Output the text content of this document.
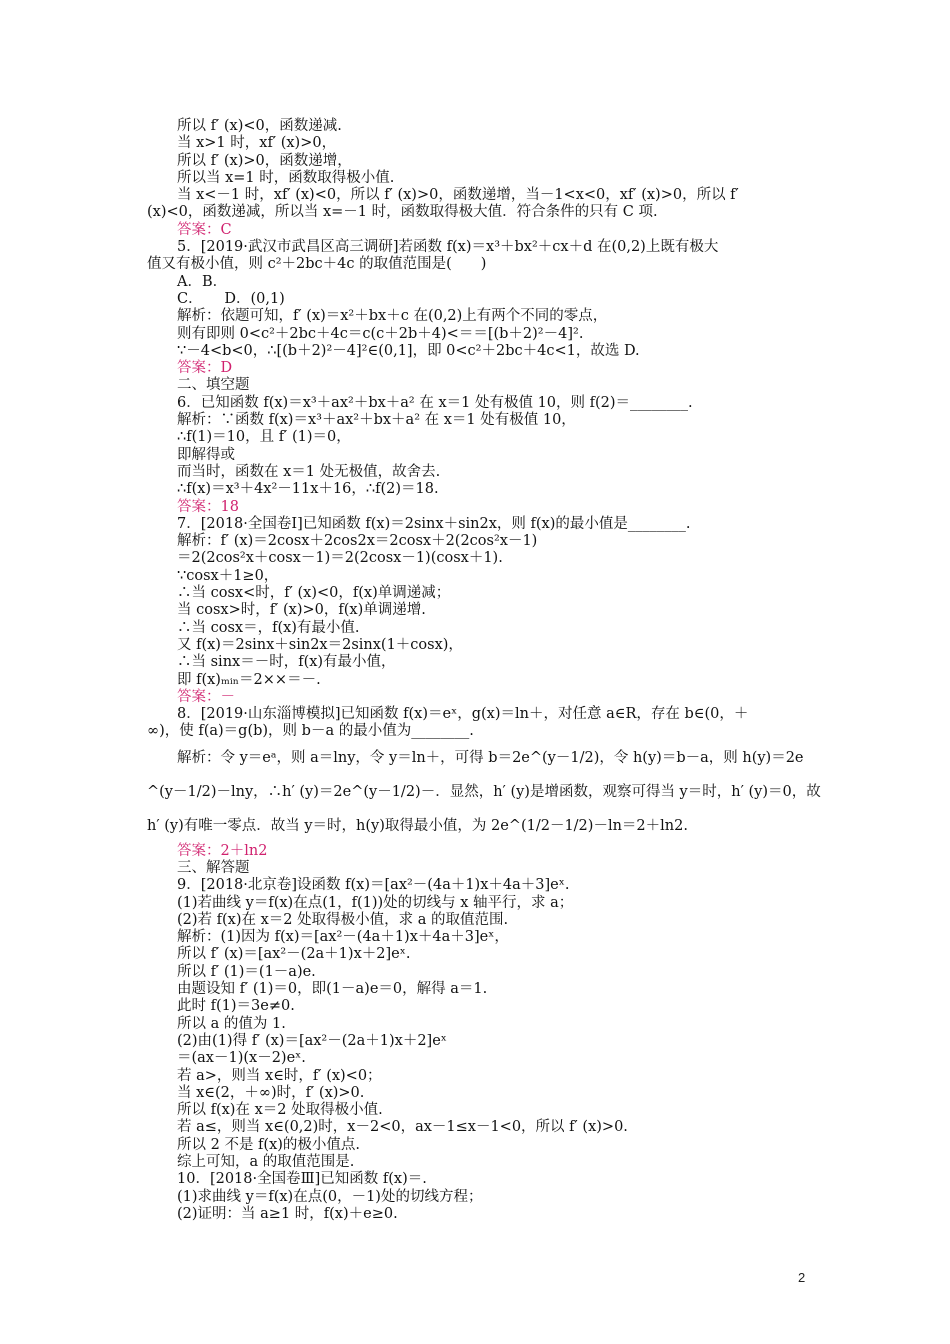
所以 f′ (x)<0，函数递减.
当 x>1 时，xf′ (x)>0，
所以 f′ (x)>0，函数递增，
所以当 x=1 时，函数取得极小值.
当 x<－1 时，xf′ (x)<0，所以 f′ (x)>0，函数递增，当－1<x<0，xf′ (x)>0，所以 f′
(x)<0，函数递减，所以当 x=－1 时，函数取得极大值．符合条件的只有 C 项.
答案：C
5．[2019·武汉市武昌区高三调研]若函数 f(x)＝x³＋bx²＋cx＋d 在(0,2)上既有极大
值又有极小值，则 c²＋2bc＋4c 的取值范围是(　　)
A．B．
C．　　D．(0,1)
解析：依题可知，f′ (x)＝x²＋bx＋c 在(0,2)上有两个不同的零点，
则有即则 0<c²＋2bc＋4c＝c(c＋2b＋4)<＝＝[(b＋2)²－4]².
∵－4<b<0，∴[(b＋2)²－4]²∈(0,1]，即 0<c²＋2bc＋4c<1，故选 D.
答案：D
二、填空题
6．已知函数 f(x)＝x³＋ax²＋bx＋a² 在 x＝1 处有极值 10，则 f(2)＝________.
解析：∵函数 f(x)＝x³＋ax²＋bx＋a² 在 x＝1 处有极值 10，
∴f(1)＝10，且 f′ (1)＝0，
即解得或
而当时，函数在 x＝1 处无极值，故舍去.
∴f(x)＝x³＋4x²－11x＋16，∴f(2)＝18.
答案：18
7．[2018·全国卷Ⅰ]已知函数 f(x)＝2sinx＋sin2x，则 f(x)的最小值是________.
解析：f′ (x)＝2cosx＋2cos2x＝2cosx＋2(2cos²x－1)
＝2(2cos²x＋cosx－1)＝2(2cosx－1)(cosx＋1).
∵cosx＋1≥0，
∴当 cosx<时，f′ (x)<0，f(x)单调递减；
当 cosx>时，f′ (x)>0，f(x)单调递增.
∴当 cosx＝，f(x)有最小值.
又 f(x)＝2sinx＋sin2x＝2sinx(1＋cosx)，
∴当 sinx＝－时，f(x)有最小值，
即 f(x)ₘᵢₙ＝2××＝－.
答案：－
8．[2019·山东淄博模拟]已知函数 f(x)＝eˣ，g(x)＝ln＋，对任意 a∈R，存在 b∈(0，＋
∞)，使 f(a)＝g(b)，则 b－a 的最小值为________.
解析：令 y＝eᵃ，则 a＝lny，令 y＝ln＋，可得 b＝2e^(y－1/2)，令 h(y)＝b－a，则 h(y)＝2e
^(y－1/2)－lny，∴h′ (y)＝2e^(y－1/2)－．显然，h′ (y)是增函数，观察可得当 y＝时，h′ (y)＝0，故
h′ (y)有唯一零点．故当 y＝时，h(y)取得最小值，为 2e^(1/2－1/2)－ln＝2＋ln2.
答案：2＋ln2
三、解答题
9．[2018·北京卷]设函数 f(x)＝[ax²－(4a＋1)x＋4a＋3]eˣ.
(1)若曲线 y＝f(x)在点(1，f(1))处的切线与 x 轴平行，求 a；
(2)若 f(x)在 x＝2 处取得极小值，求 a 的取值范围.
解析：(1)因为 f(x)＝[ax²－(4a＋1)x＋4a＋3]eˣ，
所以 f′ (x)＝[ax²－(2a＋1)x＋2]eˣ.
所以 f′ (1)＝(1－a)e.
由题设知 f′ (1)＝0，即(1－a)e＝0，解得 a＝1.
此时 f(1)＝3e≠0.
所以 a 的值为 1.
(2)由(1)得 f′ (x)＝[ax²－(2a＋1)x＋2]eˣ
＝(ax－1)(x－2)eˣ.
若 a>，则当 x∈时，f′ (x)<0；
当 x∈(2，＋∞)时，f′ (x)>0.
所以 f(x)在 x＝2 处取得极小值.
若 a≤，则当 x∈(0,2)时，x－2<0，ax－1≤x－1<0，所以 f′ (x)>0.
所以 2 不是 f(x)的极小值点.
综上可知，a 的取值范围是.
10．[2018·全国卷Ⅲ]已知函数 f(x)＝.
(1)求曲线 y＝f(x)在点(0，－1)处的切线方程；
(2)证明：当 a≥1 时，f(x)＋e≥0.
2
